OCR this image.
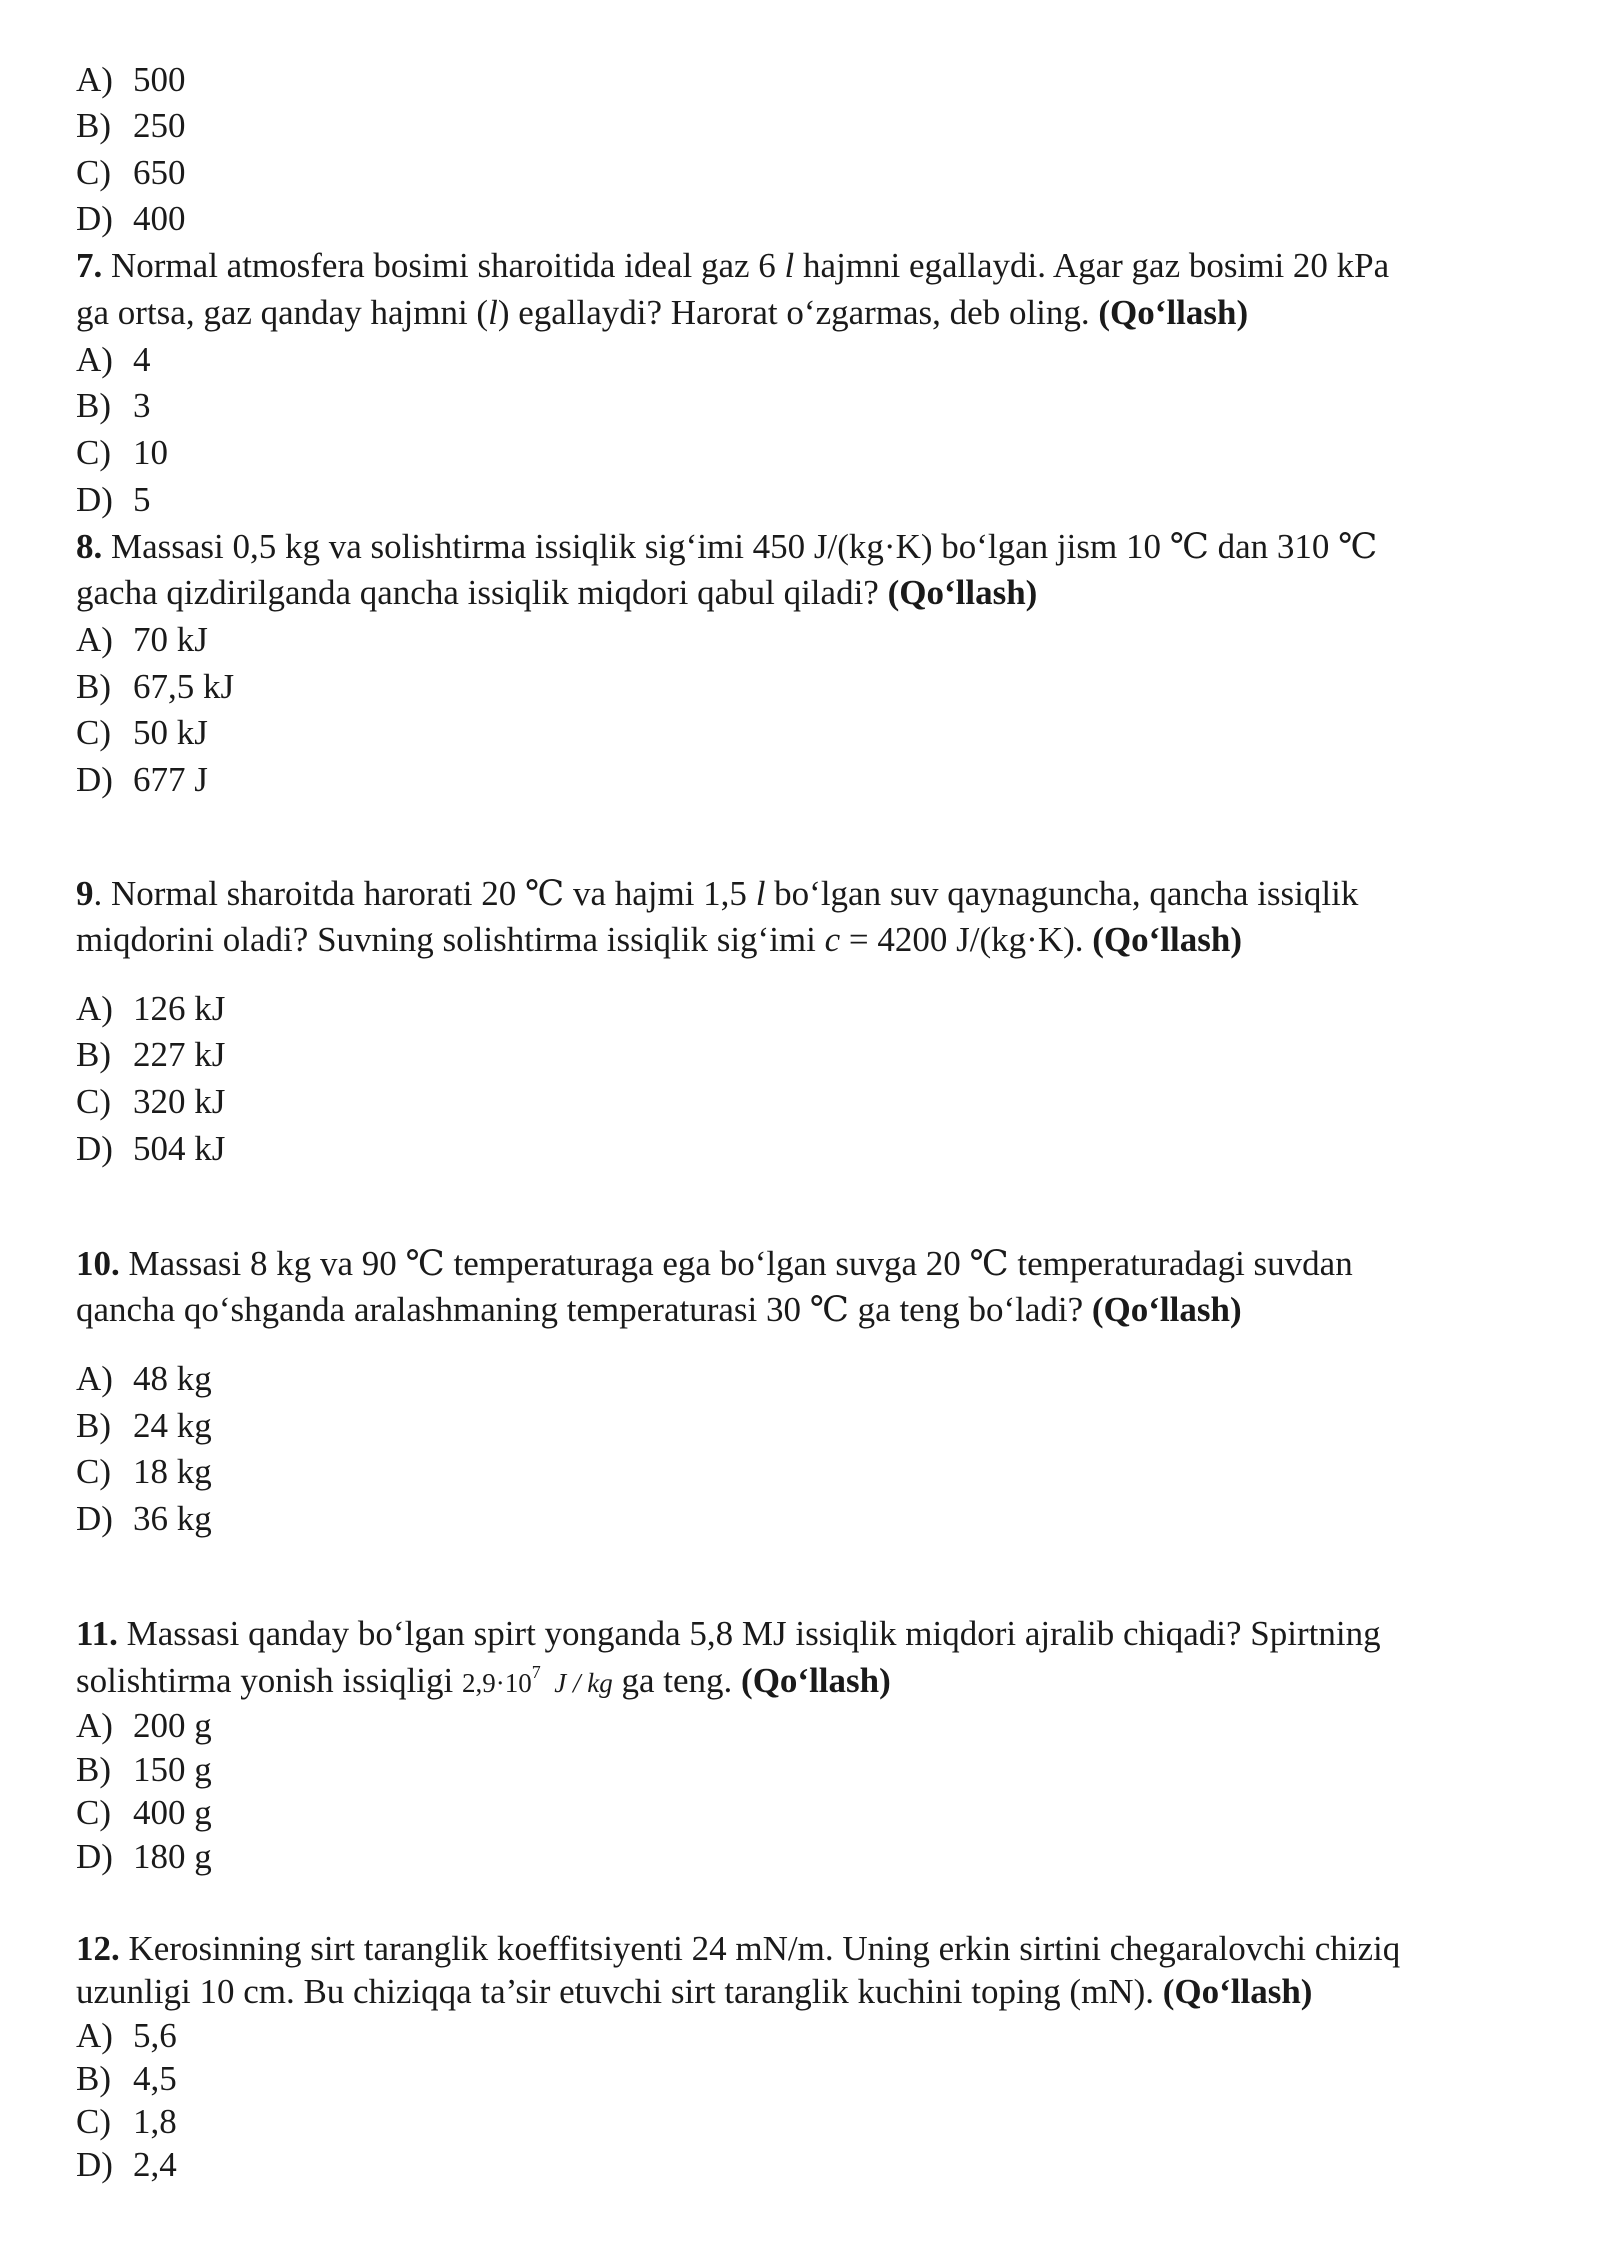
A) 500
B) 250
C) 650
D) 400
7. Normal atmosfera bosimi sharoitida ideal gaz 6 l hajmni egallaydi. Agar gaz bosimi 20 kPa
ga ortsa, gaz qanday hajmni (l) egallaydi? Harorat o‘zgarmas, deb oling. (Qo‘llash)
A) 4
B) 3
C) 10
D) 5
8. Massasi 0,5 kg va solishtirma issiqlik sig‘imi 450 J/(kg·K) bo‘lgan jism 10 ℃ dan 310 ℃
gacha qizdirilganda qancha issiqlik miqdori qabul qiladi? (Qo‘llash)
A) 70 kJ
B) 67,5 kJ
C) 50 kJ
D) 677 J
9. Normal sharoitda harorati 20 ℃ va hajmi 1,5 l bo‘lgan suv qaynaguncha, qancha issiqlik
miqdorini oladi? Suvning solishtirma issiqlik sig‘imi c = 4200 J/(kg·K). (Qo‘llash)
A) 126 kJ
B) 227 kJ
C) 320 kJ
D) 504 kJ
10. Massasi 8 kg va 90 ℃ temperaturaga ega bo‘lgan suvga 20 ℃ temperaturadagi suvdan
qancha qo‘shganda aralashmaning temperaturasi 30 ℃ ga teng bo‘ladi? (Qo‘llash)
A) 48 kg
B) 24 kg
C) 18 kg
D) 36 kg
11. Massasi qanday bo‘lgan spirt yonganda 5,8 MJ issiqlik miqdori ajralib chiqadi? Spirtning
solishtirma yonish issiqligi $2,9\cdot 10^7$ J / kg ga teng. (Qo‘llash)
A) 200 g
B) 150 g
C) 400 g
D) 180 g
12. Kerosinning sirt taranglik koeffitsiyenti 24 mN/m. Uning erkin sirtini chegaralovchi chiziq
uzunligi 10 cm. Bu chiziqqa ta’sir etuvchi sirt taranglik kuchini toping (mN). (Qo‘llash)
A) 5,6
B) 4,5
C) 1,8
D) 2,4
